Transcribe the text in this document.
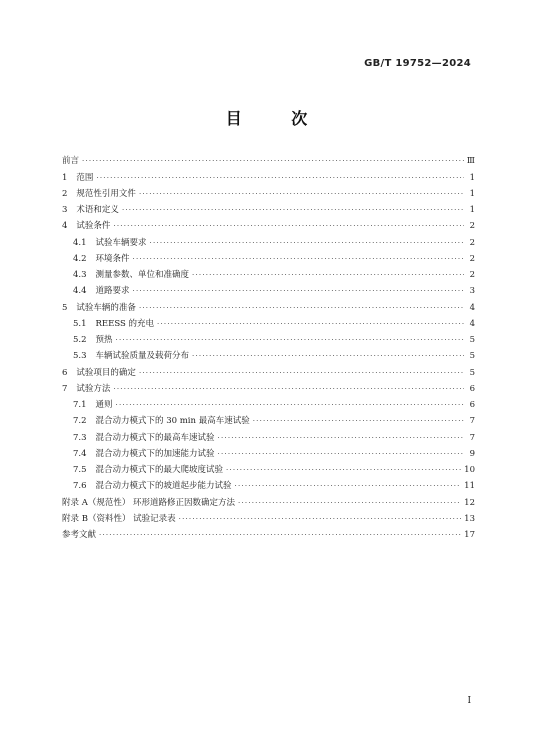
GB/T 19752—2024
目 次
前言 ·····	Ⅲ
1 范围 ·····	1
2 规范性引用文件 ·····	1
3 术语和定义 ·····	1
4 试验条件 ·····	2
4.1 试验车辆要求 ·····	2
4.2 环境条件 ·····	2
4.3 测量参数、单位和准确度 ·····	2
4.4 道路要求 ·····	3
5 试验车辆的准备 ·····	4
5.1 REESS 的充电 ·····	4
5.2 预热 ·····	5
5.3 车辆试验质量及载荷分布 ·····	5
6 试验项目的确定 ·····	5
7 试验方法 ·····	6
7.1 通则 ·····	6
7.2 混合动力模式下的 30 min 最高车速试验 ·····	7
7.3 混合动力模式下的最高车速试验 ·····	7
7.4 混合动力模式下的加速能力试验 ·····	9
7.5 混合动力模式下的最大爬坡度试验 ·····	10
7.6 混合动力模式下的坡道起步能力试验 ·····	11
附录 A（规范性） 环形道路修正因数确定方法 ·····	12
附录 B（资料性） 试验记录表 ·····	13
参考文献 ·····	17
Ⅰ
